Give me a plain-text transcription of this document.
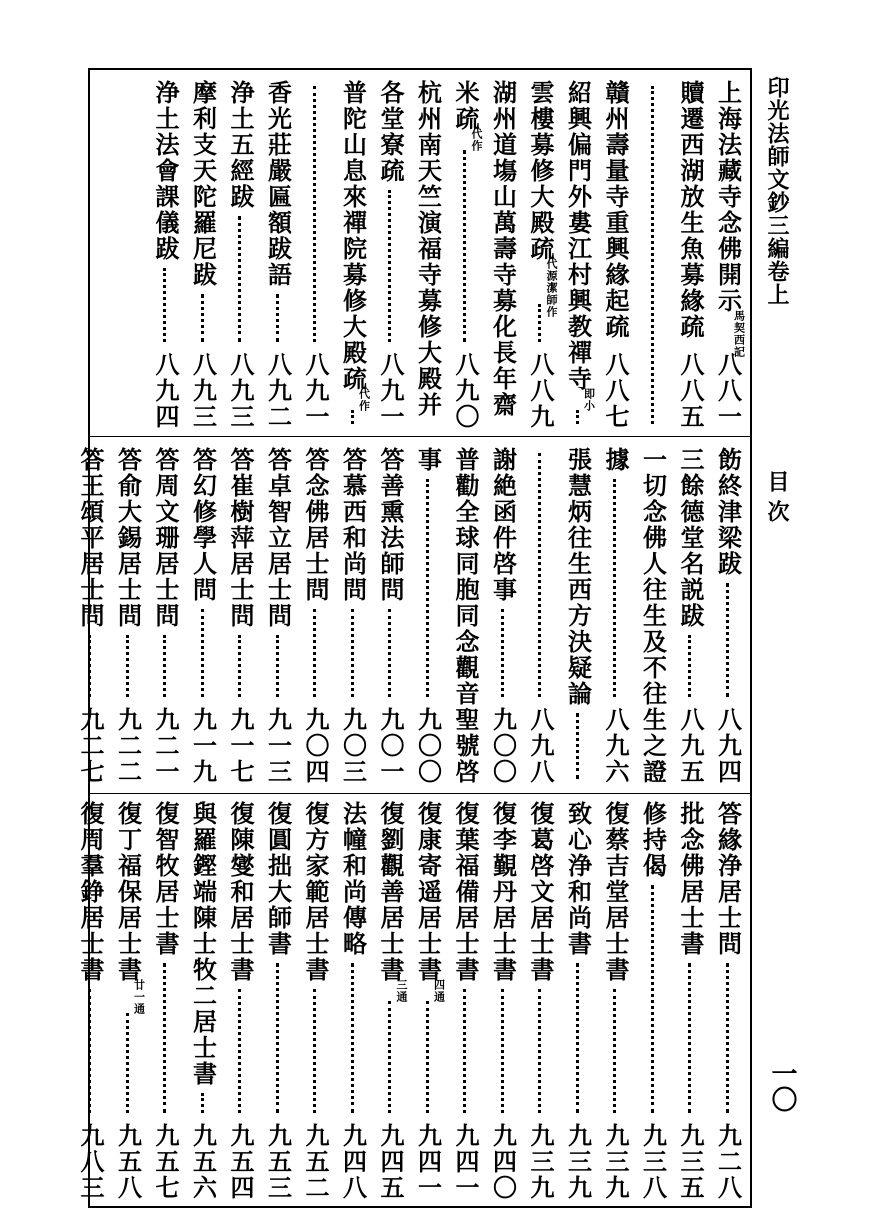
印光法師文鈔三編卷上
目次
一〇
上海法藏寺念佛開示
馬契西記
八八一
贖遷西湖放生魚募緣疏
八八五
贛州壽量寺重興緣起疏
八八七
紹興偏門外婁江村興教禪寺
即小
雲樓募修大殿疏
代源潔師作
八八九
湖州道塲山萬壽寺募化長年齋
米疏
代作
八九〇
杭州南天竺演福寺募修大殿并
各堂寮疏
八九一
普陀山息來禪院募修大殿疏
代作
八九一
香光莊嚴匾額跋語
八九二
浄土五經跋
八九三
摩利支天陀羅尼跋
八九三
浄土法會課儀跋
八九四
飭終津梁跋
八九四
三餘德堂名説跋
八九五
一切念佛人往生及不往生之證
據
八九六
張慧炳往生西方決疑論
八九八
謝絶函件啓事
九〇〇
普勸全球同胞同念觀音聖號啓
事
九〇〇
答善熏法師問
九〇一
答慕西和尚問
九〇三
答念佛居士問
九〇四
答卓智立居士問
九一三
答崔樹萍居士問
九一七
答幻修學人問
九一九
答周文珊居士問
九二一
答俞大錫居士問
九二二
答王頌平居士問
九二七
答緣浄居士問
九二八
批念佛居士書
九三五
修持偈
九三八
復蔡吉堂居士書
九三九
致心浄和尚書
九三九
復葛啓文居士書
九三九
復李覲丹居士書
九四〇
復葉福備居士書
九四一
復康寄遥居士書
四通
九四一
復劉觀善居士書
三通
九四五
法幢和尚傳略
九四八
復方家範居士書
九五二
復圓拙大師書
九五三
復陳燮和居士書
九五四
與羅鏗端陳士牧二居士書
九五六
復智牧居士書
九五七
復丁福保居士書
廿一通
九五八
復周羣錚居士書
九八三
